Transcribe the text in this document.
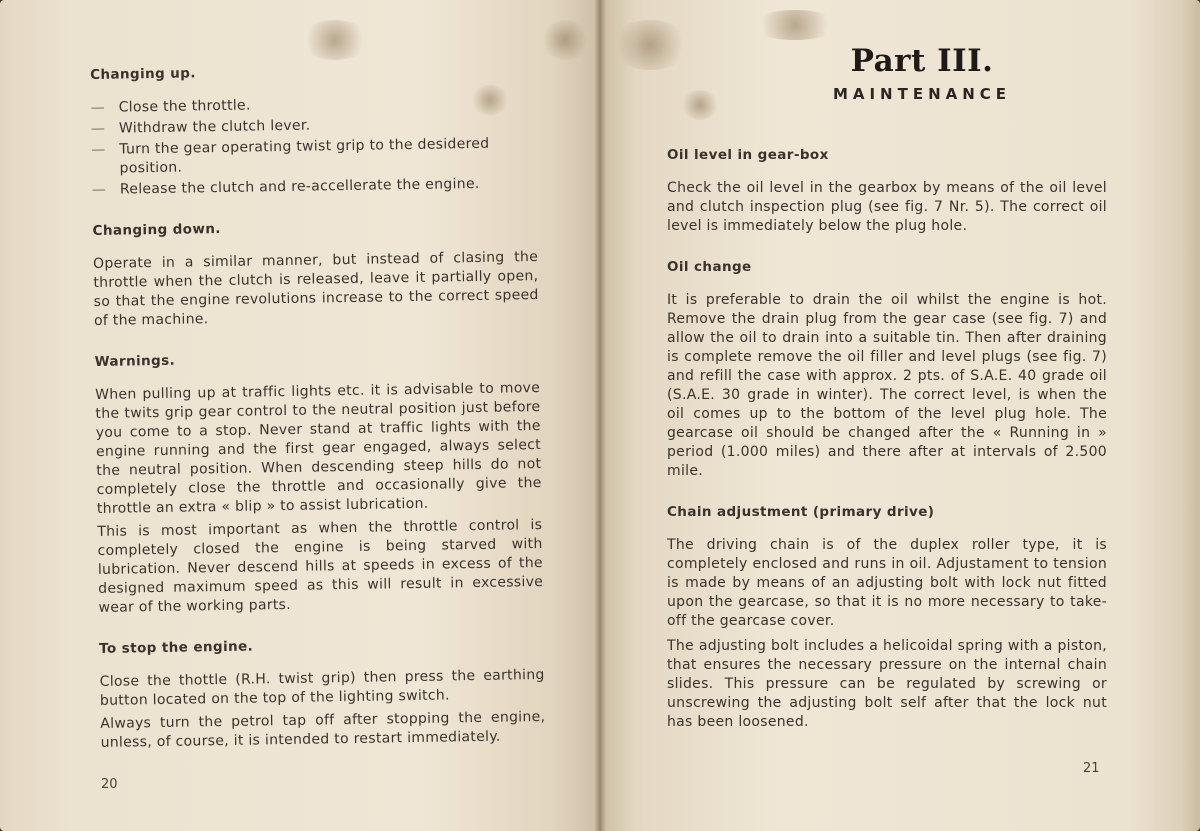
Changing up.

— Close the throttle.
— Withdraw the clutch lever.
— Turn the gear operating twist grip to the desidered position.
— Release the clutch and re-accellerate the engine.

Changing down.

Operate in a similar manner, but instead of clasing the throttle when the clutch is released, leave it partially open, so that the engine revolutions increase to the correct speed of the machine.

Warnings.

When pulling up at traffic lights etc. it is advisable to move the twits grip gear control to the neutral position just before you come to a stop. Never stand at traffic lights with the engine running and the first gear engaged, always select the neutral position. When descending steep hills do not completely close the throttle and occasionally give the throttle an extra « blip » to assist lubrication.

This is most important as when the throttle control is completely closed the engine is being starved with lubrication. Never descend hills at speeds in excess of the designed maximum speed as this will result in excessive wear of the working parts.

To stop the engine.

Close the thottle (R.H. twist grip) then press the earthing button located on the top of the lighting switch.

Always turn the petrol tap off after stopping the engine, unless, of course, it is intended to restart immediately.

20

Part III.

MAINTENANCE

Oil level in gear-box

Check the oil level in the gearbox by means of the oil level and clutch inspection plug (see fig. 7 Nr. 5). The correct oil level is immediately below the plug hole.

Oil change

It is preferable to drain the oil whilst the engine is hot. Remove the drain plug from the gear case (see fig. 7) and allow the oil to drain into a suitable tin. Then after draining is complete remove the oil filler and level plugs (see fig. 7) and refill the case with approx. 2 pts. of S.A.E. 40 grade oil (S.A.E. 30 grade in winter). The correct level, is when the oil comes up to the bottom of the level plug hole. The gearcase oil should be changed after the « Running in » period (1.000 miles) and there after at intervals of 2.500 mile.

Chain adjustment (primary drive)

The driving chain is of the duplex roller type, it is completely enclosed and runs in oil. Adjustament to tension is made by means of an adjusting bolt with lock nut fitted upon the gearcase, so that it is no more necessary to take-off the gearcase cover.

The adjusting bolt includes a helicoidal spring with a piston, that ensures the necessary pressure on the internal chain slides. This pressure can be regulated by screwing or unscrewing the adjusting bolt self after that the lock nut has been loosened.

21
